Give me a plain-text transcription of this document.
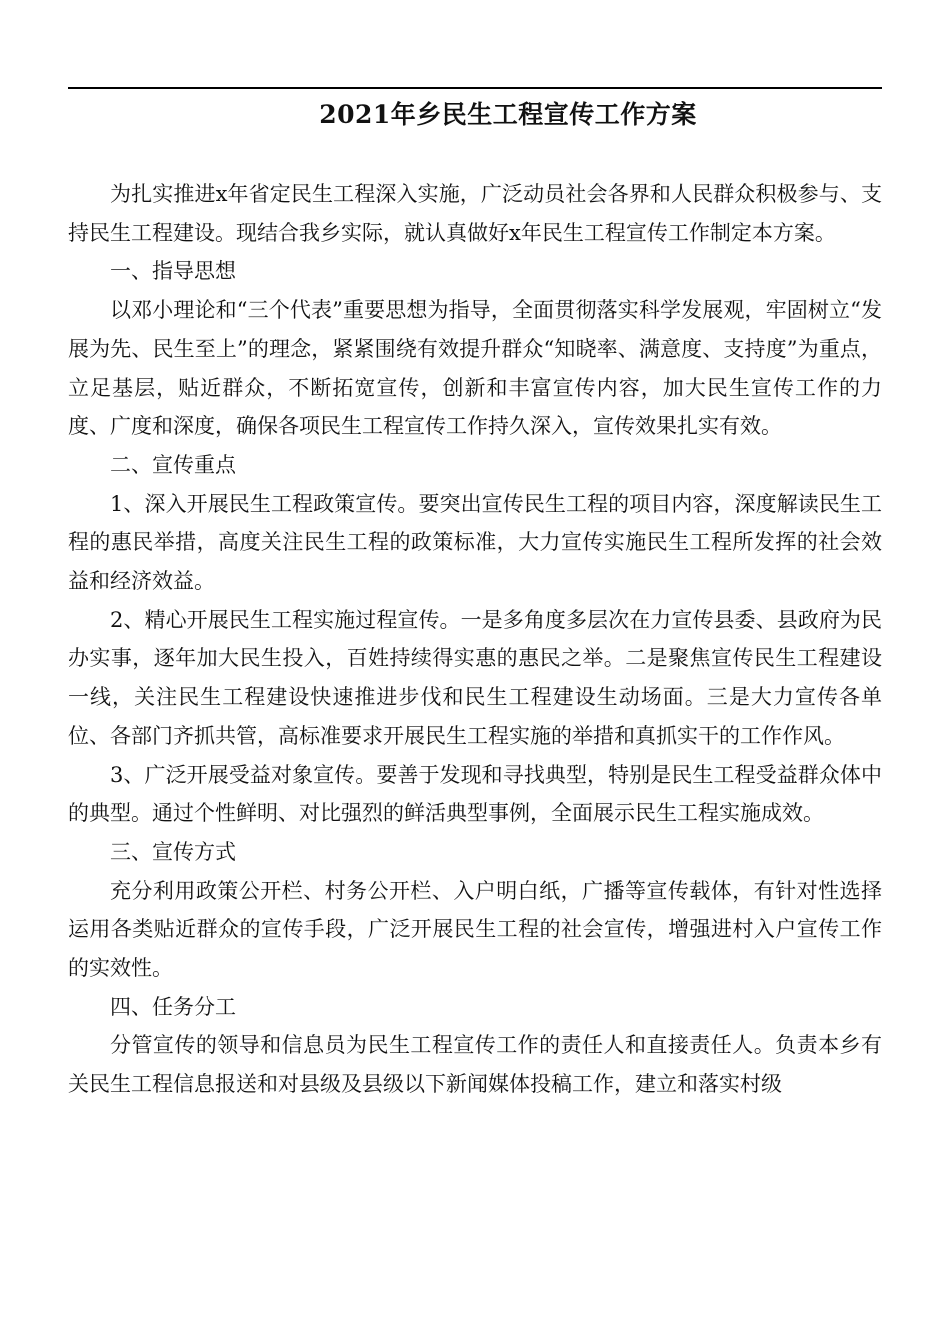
2021年乡民生工程宣传工作方案

为扎实推进x年省定民生工程深入实施，广泛动员社会各界和人民群众积极参与、支持民生工程建设。现结合我乡实际，就认真做好x年民生工程宣传工作制定本方案。

一、指导思想

以邓小理论和“三个代表”重要思想为指导，全面贯彻落实科学发展观，牢固树立“发展为先、民生至上”的理念，紧紧围绕有效提升群众“知晓率、满意度、支持度”为重点，立足基层，贴近群众，不断拓宽宣传，创新和丰富宣传内容，加大民生宣传工作的力度、广度和深度，确保各项民生工程宣传工作持久深入，宣传效果扎实有效。

二、宣传重点

1、深入开展民生工程政策宣传。要突出宣传民生工程的项目内容，深度解读民生工程的惠民举措，高度关注民生工程的政策标准，大力宣传实施民生工程所发挥的社会效益和经济效益。

2、精心开展民生工程实施过程宣传。一是多角度多层次在力宣传县委、县政府为民办实事，逐年加大民生投入，百姓持续得实惠的惠民之举。二是聚焦宣传民生工程建设一线，关注民生工程建设快速推进步伐和民生工程建设生动场面。三是大力宣传各单位、各部门齐抓共管，高标准要求开展民生工程实施的举措和真抓实干的工作作风。

3、广泛开展受益对象宣传。要善于发现和寻找典型，特别是民生工程受益群众体中的典型。通过个性鲜明、对比强烈的鲜活典型事例，全面展示民生工程实施成效。

三、宣传方式

充分利用政策公开栏、村务公开栏、入户明白纸，广播等宣传载体，有针对性选择运用各类贴近群众的宣传手段，广泛开展民生工程的社会宣传，增强进村入户宣传工作的实效性。

四、任务分工

分管宣传的领导和信息员为民生工程宣传工作的责任人和直接责任人。负责本乡有关民生工程信息报送和对县级及县级以下新闻媒体投稿工作，建立和落实村级
